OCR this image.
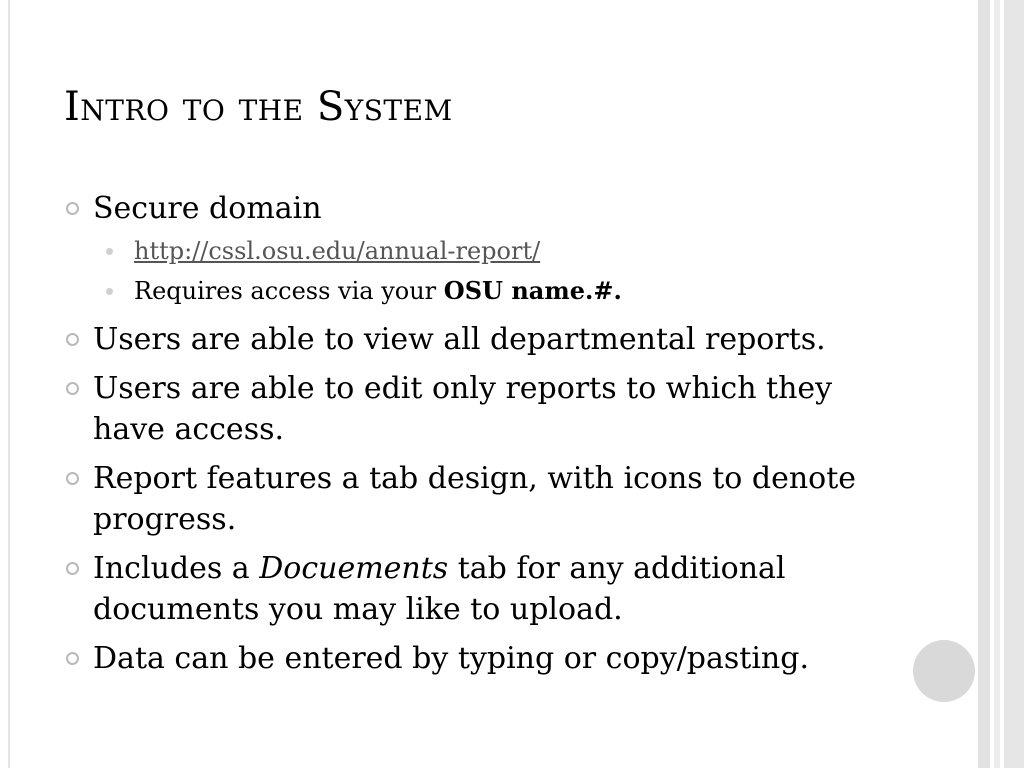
Intro to the System
Secure domain
http://cssl.osu.edu/annual-report/
Requires access via your OSU name.#.
Users are able to view all departmental reports.
Users are able to edit only reports to which they have access.
Report features a tab design, with icons to denote progress.
Includes a Docuements tab for any additional documents you may like to upload.
Data can be entered by typing or copy/pasting.
